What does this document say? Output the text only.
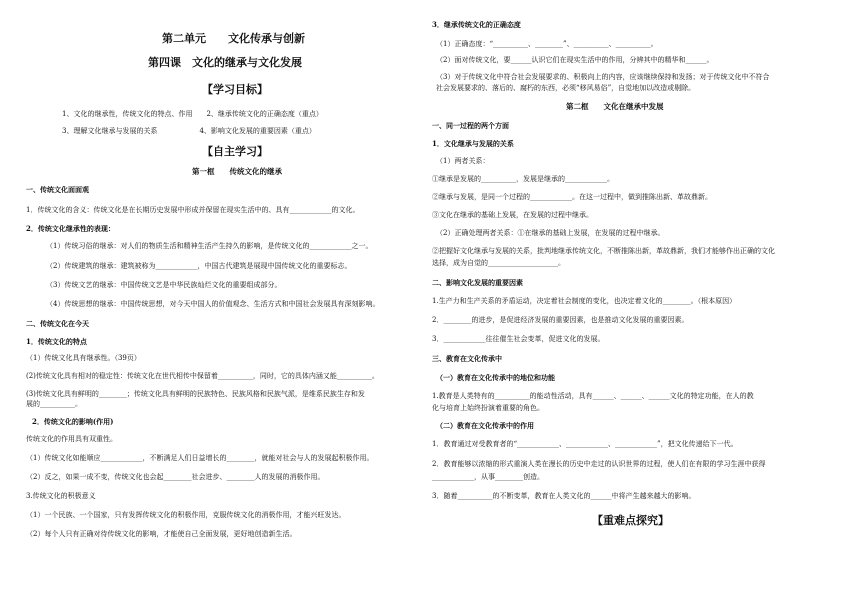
第二单元　　文化传承与创新
第四课　文化的继承与文化发展
【学习目标】
1、文化的继承性，传统文化的特点、作用　　2、继承传统文化的正确态度（重点）
3、理解文化继承与发展的关系　　　　　　4、影响文化发展的重要因素（重点）
【自主学习】
第一框　　传统文化的继承
一、传统文化面面观
1．传统文化的含义：传统文化是在长期历史发展中形成并保留在现实生活中的、具有____________的文化。
2．传统文化继承性的表现：
（1）传统习俗的继承：对人们的物质生活和精神生活产生持久的影响，是传统文化的____________之一。
（2）传统建筑的继承：建筑被称为____________，中国古代建筑是展现中国传统文化的重要标志。
（3）传统文艺的继承：中国传统文艺是中华民族灿烂文化的重要组成部分。
（4）传统思想的继承：中国传统思想，对今天中国人的价值观念、生活方式和中国社会发展具有深刻影响。
二、传统文化在今天
1．传统文化的特点
（1）传统文化具有继承性。（39页）
(2)传统文化具有相对的稳定性：传统文化在世代相传中保留着__________，同时，它的具体内涵又能__________。
(3)传统文化具有鲜明的________；传统文化具有鲜明的民族特色、民族风格和民族气派，是维系民族生存和发
展的__________。
2．传统文化的影响(作用)
传统文化的作用具有双重性。
（1）传统文化如能顺应____________，不断满足人们日益增长的________，就能对社会与人的发展起积极作用。
（2）反之，如果一成不变，传统文化也会起________社会进步、________人的发展的消极作用。
3.传统文化的积极意义
（1）一个民族、一个国家，只有发挥传统文化的积极作用，克服传统文化的消极作用，才能兴旺发达。
（2）每个人只有正确对待传统文化的影响，才能使自己全面发展，更好地创造新生活。
3．继承传统文化的正确态度
（1）正确态度：“__________、________”、__________、__________。
（2）面对传统文化，要______认识它们在现实生活中的作用，分辨其中的精华和______。
（3）对于传统文化中符合社会发展要求的、积极向上的内容，应该继续保持和发扬；对于传统文化中不符合
社会发展要求的、落后的、腐朽的东西，必须“移风易俗”，自觉地加以改造或剔除。
第二框　　文化在继承中发展
一、同一过程的两个方面
1．文化继承与发展的关系
（1）两者关系：
①继承是发展的__________，发展是继承的____________。
②继承与发展，是同一个过程的____________。在这一过程中，做到推陈出新、革故鼎新。
③文化在继承的基础上发展，在发展的过程中继承。
（2）正确处理两者关系：①在继承的基础上发展，在发展的过程中继承。
②把握好文化继承与发展的关系，批判地继承传统文化，不断推陈出新，革故鼎新，我们才能够作出正确的文化
选择，成为自觉的____________________。
二、影响文化发展的重要因素
1.生产力和生产关系的矛盾运动，决定着社会制度的变化，也决定着文化的________。（根本原因）
2．________的进步，是促进经济发展的重要因素，也是推动文化发展的重要因素。
3．____________往往催生社会变革，促进文化的发展。
三、教育在文化传承中
（一）教育在文化传承中的地位和功能
1.教育是人类特有的__________的能动性活动，具有______、______、______文化的特定功能，在人的教
化与培育上始终扮演着重要的角色。
（二）教育在文化传承中的作用
1．教育通过对受教育者的“____________、____________、____________”，把文化传递给下一代。
2．教育能够以浓缩的形式重演人类在漫长的历史中走过的认识世界的过程，使人们在有限的学习生涯中获得
____________，从事________创造。
3．随着__________的不断变革，教育在人类文化的______中将产生越来越大的影响。
【重难点探究】
